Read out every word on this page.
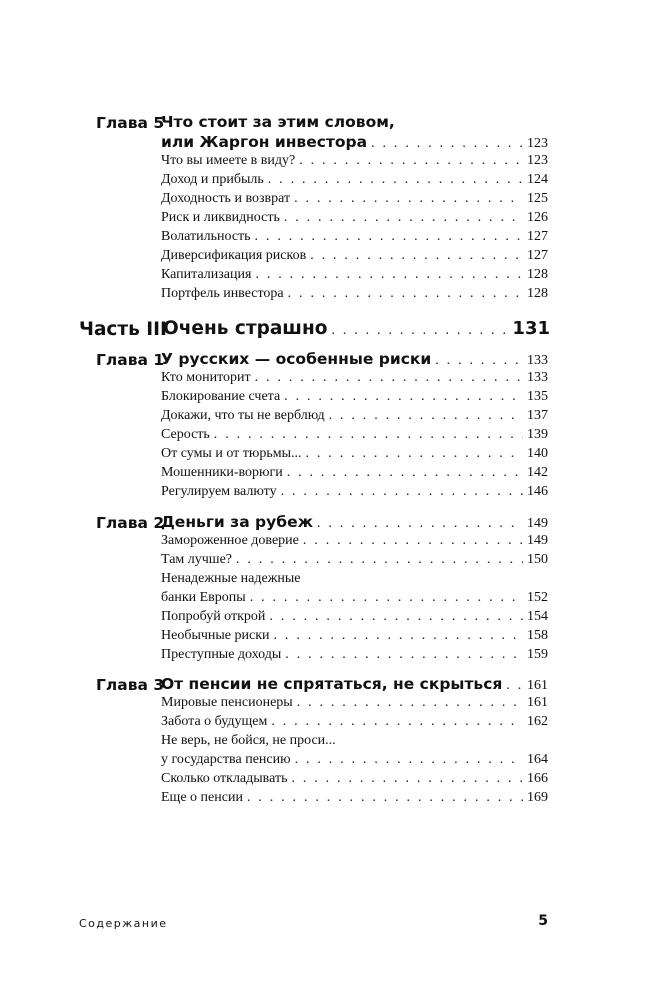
Глава 5
Что стоит за этим словом,
или Жаргон инвестора . . .	123
Что вы имеете в виду? . . .	123
Доход и прибыль . . .	124
Доходность и возврат . . .	125
Риск и ликвидность . . .	126
Волатильность . . .	127
Диверсификация рисков . . .	127
Капитализация . . .	128
Портфель инвестора . . .	128
Часть III
Очень страшно . . .	131
Глава 1
У русских — особенные риски . . .	133
Кто мониторит . . .	133
Блокирование счета . . .	135
Докажи, что ты не верблюд . . .	137
Серость . . .	139
От сумы и от тюрьмы... . . .	140
Мошенники-ворюги . . .	142
Регулируем валюту . . .	146
Глава 2
Деньги за рубеж . . .	149
Замороженное доверие . . .	149
Там лучше? . . .	150
Ненадежные надежные
банки Европы . . .	152
Попробуй открой . . .	154
Необычные риски . . .	158
Преступные доходы . . .	159
Глава 3
От пенсии не спрятаться, не скрыться . . . 161
Мировые пенсионеры . . .	161
Забота о будущем . . .	162
Не верь, не бойся, не проси...
у государства пенсию . . .	164
Сколько откладывать . . .	166
Еще о пенсии . . .	169
Содержание	5
